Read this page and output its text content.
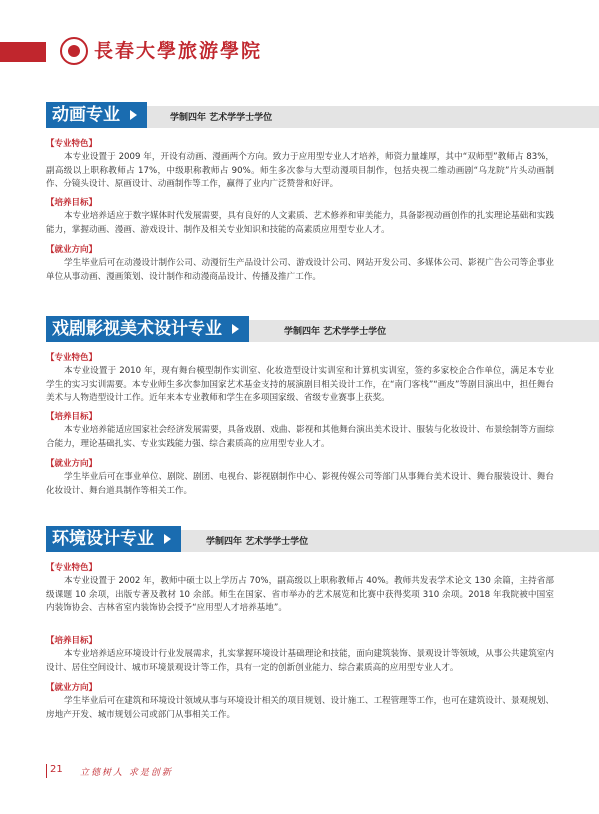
長春大學旅游學院
动画专业	学制四年 艺术学学士学位
【专业特色】
本专业设置于 2009 年，开设有动画、漫画两个方向。致力于应用型专业人才培养，师资力量雄厚，其中“双师型”教师占 83%，副高级以上职称教师占 17%，中级职称教师占 90%。师生多次参与大型动漫项目制作，包括央视二维动画剧“乌龙院”片头动画制作、分镜头设计、原画设计、动画制作等工作，赢得了业内广泛赞誉和好评。
【培养目标】
本专业培养适应于数字媒体时代发展需要，具有良好的人文素质、艺术修养和审美能力，具备影视动画创作的扎实理论基础和实践能力，掌握动画、漫画、游戏设计、制作及相关专业知识和技能的高素质应用型专业人才。
【就业方向】
学生毕业后可在动漫设计制作公司、动漫衍生产品设计公司、游戏设计公司、网站开发公司、多媒体公司、影视广告公司等企事业单位从事动画、漫画策划、设计制作和动漫商品设计、传播及推广工作。
戏剧影视美术设计专业	学制四年 艺术学学士学位
【专业特色】
本专业设置于 2010 年，现有舞台模型制作实训室、化妆造型设计实训室和计算机实训室，签约多家校企合作单位，满足本专业学生的实习实训需要。本专业师生多次参加国家艺术基金支持的展演剧目相关设计工作，在“南门客栈”“画皮”等剧目演出中，担任舞台美术与人物造型设计工作。近年来本专业教师和学生在多项国家级、省级专业赛事上获奖。
【培养目标】
本专业培养能适应国家社会经济发展需要，具备戏剧、戏曲、影视和其他舞台演出美术设计、服装与化妆设计、布景绘制等方面综合能力，理论基础扎实、专业实践能力强、综合素质高的应用型专业人才。
【就业方向】
学生毕业后可在事业单位、剧院、剧团、电视台、影视剧制作中心、影视传媒公司等部门从事舞台美术设计、舞台服装设计、舞台化妆设计、舞台道具制作等相关工作。
环境设计专业	学制四年 艺术学学士学位
【专业特色】
本专业设置于 2002 年，教师中硕士以上学历占 70%，副高级以上职称教师占 40%。教师共发表学术论文 130 余篇，主持省部级课题 10 余项，出版专著及教材 10 余部。师生在国家、省市举办的艺术展览和比赛中获得奖项 310 余项。2018 年我院被中国室内装饰协会、吉林省室内装饰协会授予“应用型人才培养基地”。
【培养目标】
本专业培养适应环境设计行业发展需求，扎实掌握环境设计基础理论和技能，面向建筑装饰、景观设计等领域，从事公共建筑室内设计、居住空间设计、城市环境景观设计等工作，具有一定的创新创业能力、综合素质高的应用型专业人才。
【就业方向】
学生毕业后可在建筑和环境设计领域从事与环境设计相关的项目规划、设计施工、工程管理等工作，也可在建筑设计、景观规划、房地产开发、城市规划公司或部门从事相关工作。
21 立德树人 求是创新
